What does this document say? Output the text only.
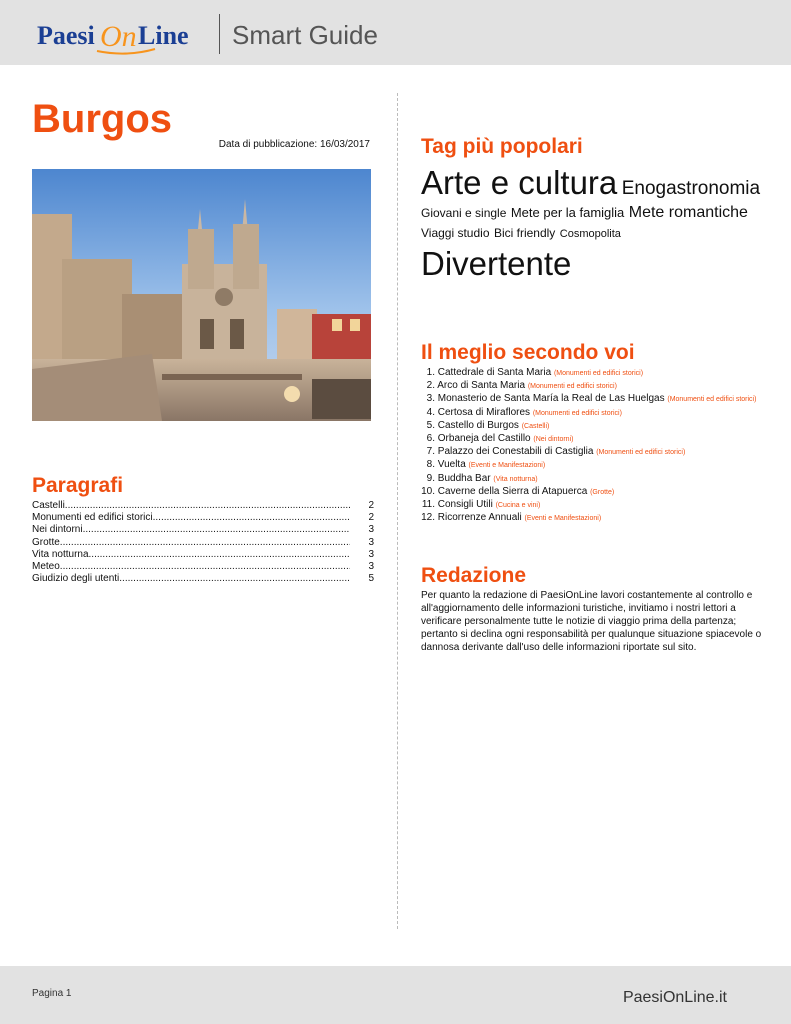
Paesi On Line Smart Guide
Burgos
Data di pubblicazione: 16/03/2017
Paragrafi
Castelli .....	2
Monumenti ed edifici storici .....	2
Nei dintorni .....	3
Grotte .....	3
Vita notturna .....	3
Meteo .....	3
Giudizio degli utenti .....	5
Tag più popolari
Arte e cultura Enogastronomia Giovani e single Mete per la famiglia Mete romantiche Viaggi studio Bici friendly Cosmopolita Divertente
Il meglio secondo voi
1. Cattedrale di Santa Maria (Monumenti ed edifici storici)
2. Arco di Santa Maria (Monumenti ed edifici storici)
3. Monasterio de Santa María la Real de Las Huelgas (Monumenti ed edifici storici)
4. Certosa di Miraflores (Monumenti ed edifici storici)
5. Castello di Burgos (Castelli)
6. Orbaneja del Castillo (Nei dintorni)
7. Palazzo dei Conestabili di Castiglia (Monumenti ed edifici storici)
8. Vuelta (Eventi e Manifestazioni)
9. Buddha Bar (Vita notturna)
10. Caverne della Sierra di Atapuerca (Grotte)
11. Consigli Utili (Cucina e vini)
12. Ricorrenze Annuali (Eventi e Manifestazioni)
Redazione
Per quanto la redazione di PaesiOnLine lavori costantemente al controllo e all'aggiornamento delle informazioni turistiche, invitiamo i nostri lettori a verificare personalmente tutte le notizie di viaggio prima della partenza; pertanto si declina ogni responsabilità per qualunque situazione spiacevole o dannosa derivante dall'uso delle informazioni riportate sul sito.
Pagina 1	PaesiOnLine.it
